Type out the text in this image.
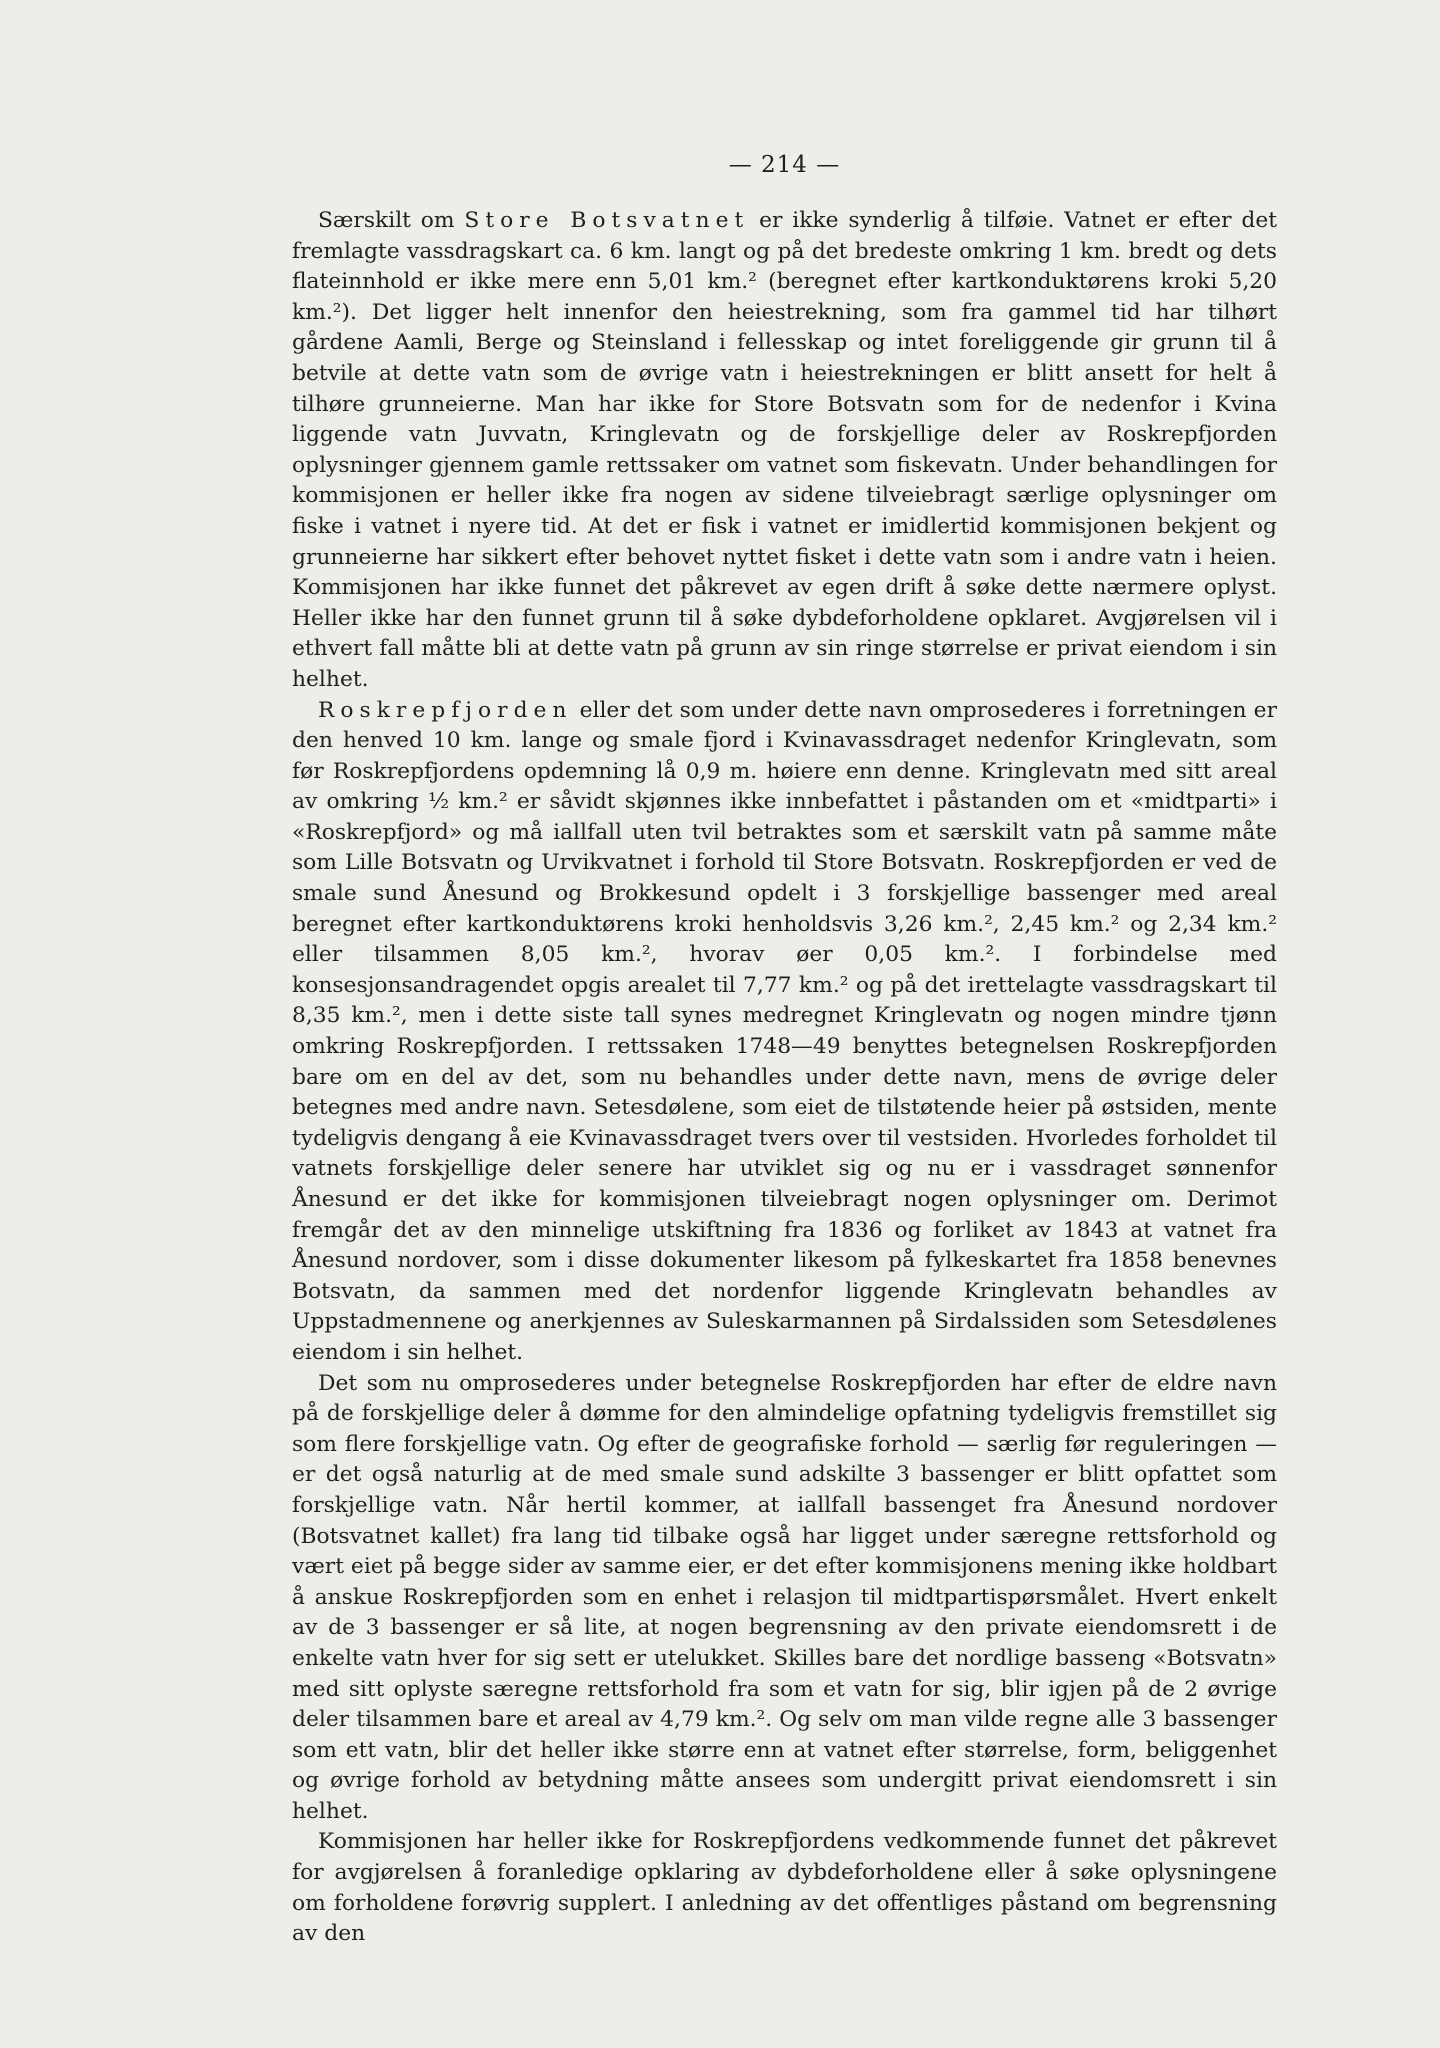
— 214 —

Særskilt om Store Botsvatnet er ikke synderlig å tilføie. Vatnet er efter det fremlagte vassdragskart ca. 6 km. langt og på det bredeste omkring 1 km. bredt og dets flateinnhold er ikke mere enn 5,01 km.² (beregnet efter kartkonduktørens kroki 5,20 km.²). Det ligger helt innenfor den heiestrekning, som fra gammel tid har tilhørt gårdene Aamli, Berge og Steinsland i fellesskap og intet foreliggende gir grunn til å betvile at dette vatn som de øvrige vatn i heiestrekningen er blitt ansett for helt å tilhøre grunneierne. Man har ikke for Store Botsvatn som for de nedenfor i Kvina liggende vatn Juvvatn, Kringlevatn og de forskjellige deler av Roskrepfjorden oplysninger gjennem gamle rettssaker om vatnet som fiskevatn. Under behandlingen for kommisjonen er heller ikke fra nogen av sidene tilveiebragt særlige oplysninger om fiske i vatnet i nyere tid. At det er fisk i vatnet er imidlertid kommisjonen bekjent og grunneierne har sikkert efter behovet nyttet fisket i dette vatn som i andre vatn i heien. Kommisjonen har ikke funnet det påkrevet av egen drift å søke dette nærmere oplyst. Heller ikke har den funnet grunn til å søke dybdeforholdene opklaret. Avgjørelsen vil i ethvert fall måtte bli at dette vatn på grunn av sin ringe størrelse er privat eiendom i sin helhet.

Roskrepfjorden eller det som under dette navn omprosederes i forretningen er den henved 10 km. lange og smale fjord i Kvinavassdraget nedenfor Kringlevatn, som før Roskrepfjordens opdemning lå 0,9 m. høiere enn denne. Kringlevatn med sitt areal av omkring ½ km.² er såvidt skjønnes ikke innbefattet i påstanden om et «midtparti» i «Roskrepfjord» og må iallfall uten tvil betraktes som et særskilt vatn på samme måte som Lille Botsvatn og Urvikvatnet i forhold til Store Botsvatn. Roskrepfjorden er ved de smale sund Ånesund og Brokkesund opdelt i 3 forskjellige bassenger med areal beregnet efter kartkonduktørens kroki henholdsvis 3,26 km.², 2,45 km.² og 2,34 km.² eller tilsammen 8,05 km.², hvorav øer 0,05 km.². I forbindelse med konsesjonsandragendet opgis arealet til 7,77 km.² og på det irettelagte vassdragskart til 8,35 km.², men i dette siste tall synes medregnet Kringlevatn og nogen mindre tjønn omkring Roskrepfjorden. I rettssaken 1748—49 benyttes betegnelsen Roskrepfjorden bare om en del av det, som nu behandles under dette navn, mens de øvrige deler betegnes med andre navn. Setesdølene, som eiet de tilstøtende heier på østsiden, mente tydeligvis dengang å eie Kvinavassdraget tvers over til vestsiden. Hvorledes forholdet til vatnets forskjellige deler senere har utviklet sig og nu er i vassdraget sønnenfor Ånesund er det ikke for kommisjonen tilveiebragt nogen oplysninger om. Derimot fremgår det av den minnelige utskiftning fra 1836 og forliket av 1843 at vatnet fra Ånesund nordover, som i disse dokumenter likesom på fylkeskartet fra 1858 benevnes Botsvatn, da sammen med det nordenfor liggende Kringlevatn behandles av Uppstadmennene og anerkjennes av Suleskarmannen på Sirdalssiden som Setesdølenes eiendom i sin helhet.

Det som nu omprosederes under betegnelse Roskrepfjorden har efter de eldre navn på de forskjellige deler å dømme for den almindelige opfatning tydeligvis fremstillet sig som flere forskjellige vatn. Og efter de geografiske forhold — særlig før reguleringen — er det også naturlig at de med smale sund adskilte 3 bassenger er blitt opfattet som forskjellige vatn. Når hertil kommer, at iallfall bassenget fra Ånesund nordover (Botsvatnet kallet) fra lang tid tilbake også har ligget under særegne rettsforhold og vært eiet på begge sider av samme eier, er det efter kommisjonens mening ikke holdbart å anskue Roskrepfjorden som en enhet i relasjon til midtpartispørsmålet. Hvert enkelt av de 3 bassenger er så lite, at nogen begrensning av den private eiendomsrett i de enkelte vatn hver for sig sett er utelukket. Skilles bare det nordlige basseng «Botsvatn» med sitt oplyste særegne rettsforhold fra som et vatn for sig, blir igjen på de 2 øvrige deler tilsammen bare et areal av 4,79 km.². Og selv om man vilde regne alle 3 bassenger som ett vatn, blir det heller ikke større enn at vatnet efter størrelse, form, beliggenhet og øvrige forhold av betydning måtte ansees som undergitt privat eiendomsrett i sin helhet.

Kommisjonen har heller ikke for Roskrepfjordens vedkommende funnet det påkrevet for avgjørelsen å foranledige opklaring av dybdeforholdene eller å søke oplysningene om forholdene forøvrig supplert. I anledning av det offentliges påstand om begrensning av den
